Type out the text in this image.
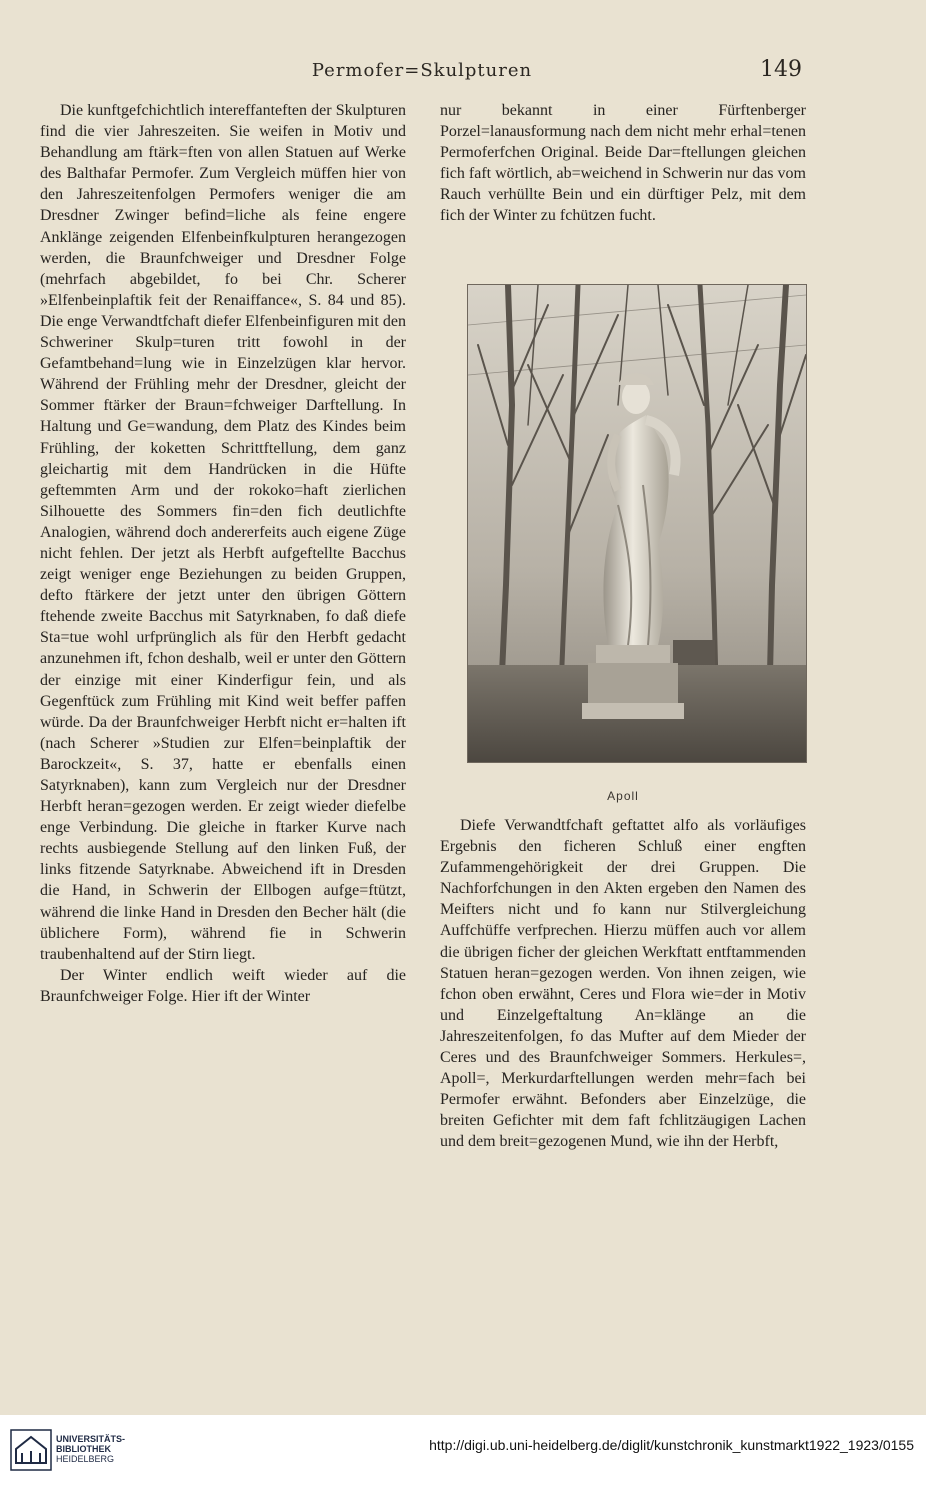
Permofer=Skulpturen	149

Die kunftgefchichtlich intereffanteften der Skulpturen find die vier Jahreszeiten. Sie weifen in Motiv und Behandlung am ftärk=ften von allen Statuen auf Werke des Balthafar Permofer. Zum Vergleich müffen hier von den Jahreszeitenfolgen Permofers weniger die am Dresdner Zwinger befind=liche als feine engere Anklänge zeigenden Elfenbeinfkulpturen herangezogen werden, die Braunfchweiger und Dresdner Folge (mehrfach abgebildet, fo bei Chr. Scherer »Elfenbeinplaftik feit der Renaiffance«, S. 84 und 85). Die enge Verwandtfchaft diefer Elfenbeinfiguren mit den Schweriner Skulp=turen tritt fowohl in der Gefamtbehand=lung wie in Einzelzügen klar hervor. Während der Frühling mehr der Dresdner, gleicht der Sommer ftärker der Braun=fchweiger Darftellung. In Haltung und Ge=wandung, dem Platz des Kindes beim Frühling, der koketten Schrittftellung, dem ganz gleichartig mit dem Handrücken in die Hüfte geftemmten Arm und der rokoko=haft zierlichen Silhouette des Sommers fin=den fich deutlichfte Analogien, während doch andererfeits auch eigene Züge nicht fehlen. Der jetzt als Herbft aufgeftellte Bacchus zeigt weniger enge Beziehungen zu beiden Gruppen, defto ftärkere der jetzt unter den übrigen Göttern ftehende zweite Bacchus mit Satyrknaben, fo daß diefe Sta=tue wohl urfprünglich als für den Herbft gedacht anzunehmen ift, fchon deshalb, weil er unter den Göttern der einzige mit einer Kinderfigur fein, und als Gegenftück zum Frühling mit Kind weit beffer paffen würde. Da der Braunfchweiger Herbft nicht er=halten ift (nach Scherer »Studien zur Elfen=beinplaftik der Barockzeit«, S. 37, hatte er ebenfalls einen Satyrknaben), kann zum Vergleich nur der Dresdner Herbft heran=gezogen werden. Er zeigt wieder diefelbe enge Verbindung. Die gleiche in ftarker Kurve nach rechts ausbiegende Stellung auf den linken Fuß, der links fitzende Satyrknabe. Abweichend ift in Dresden die Hand, in Schwerin der Ellbogen aufge=ftützt, während die linke Hand in Dresden den Becher hält (die üblichere Form), während fie in Schwerin traubenhaltend auf der Stirn liegt.

Der Winter endlich weift wieder auf die Braunfchweiger Folge. Hier ift der Winter

nur bekannt in einer Fürftenberger Porzel=lanausformung nach dem nicht mehr erhal=tenen Permoferfchen Original. Beide Dar=ftellungen gleichen fich faft wörtlich, ab=weichend in Schwerin nur das vom Rauch verhüllte Bein und ein dürftiger Pelz, mit dem fich der Winter zu fchützen fucht.

Apoll

Diefe Verwandtfchaft geftattet alfo als vorläufiges Ergebnis den ficheren Schluß einer engften Zufammengehörigkeit der drei Gruppen. Die Nachforfchungen in den Akten ergeben den Namen des Meifters nicht und fo kann nur Stilvergleichung Auffchüffe verfprechen. Hierzu müffen auch vor allem die übrigen ficher der gleichen Werkftatt entftammenden Statuen heran=gezogen werden. Von ihnen zeigen, wie fchon oben erwähnt, Ceres und Flora wie=der in Motiv und Einzelgeftaltung An=klänge an die Jahreszeitenfolgen, fo das Mufter auf dem Mieder der Ceres und des Braunfchweiger Sommers. Herkules=, Apoll=, Merkurdarftellungen werden mehr=fach bei Permofer erwähnt. Befonders aber Einzelzüge, die breiten Gefichter mit dem faft fchlitzäugigen Lachen und dem breit=gezogenen Mund, wie ihn der Herbft,

UNIVERSITÄTS-
BIBLIOTHEK
HEIDELBERG
http://digi.ub.uni-heidelberg.de/diglit/kunstchronik_kunstmarkt1922_1923/0155
